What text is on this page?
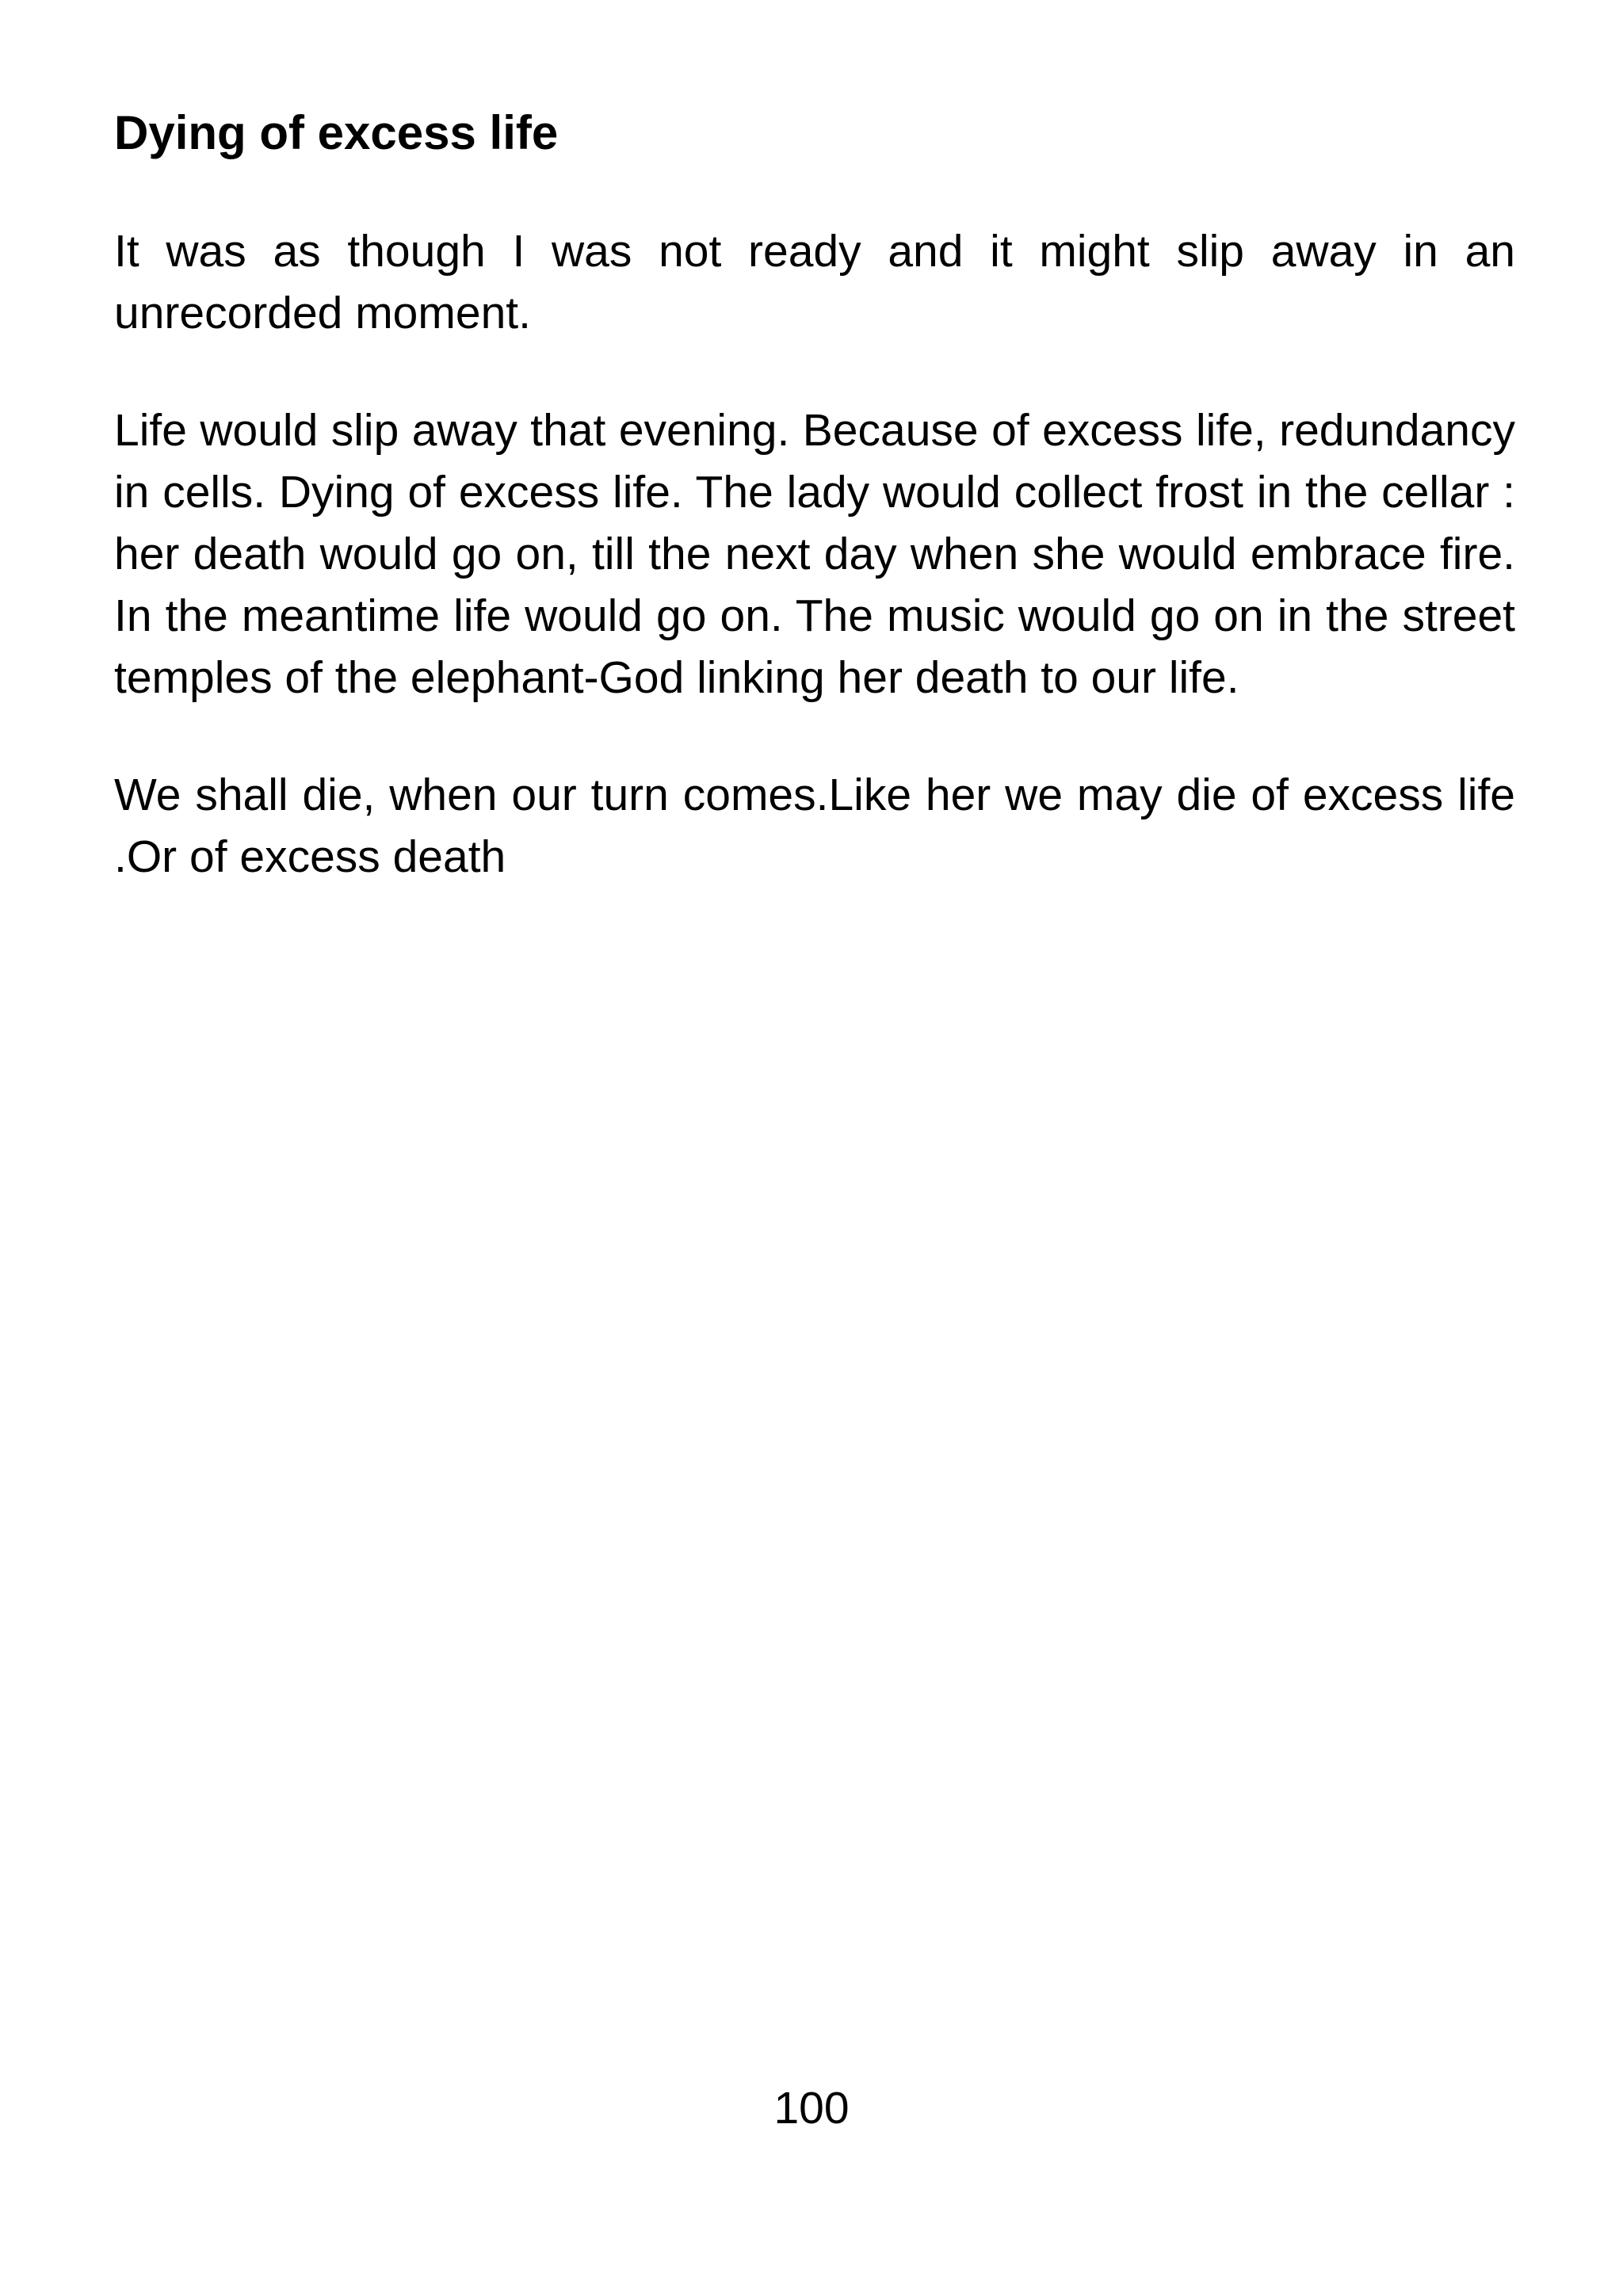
Dying of excess life

It was as though I was not ready and it might slip away in an unrecorded moment.

Life would slip away that evening. Because of excess life, redundancy in cells. Dying of excess life. The lady would collect frost in the cellar : her death would go on, till the next day when she would embrace fire. In the meantime life would go on. The music would go on in the street temples of the elephant-God linking her death to our life.

We shall die, when our turn comes.Like her we may die of excess life .Or of excess death

100
